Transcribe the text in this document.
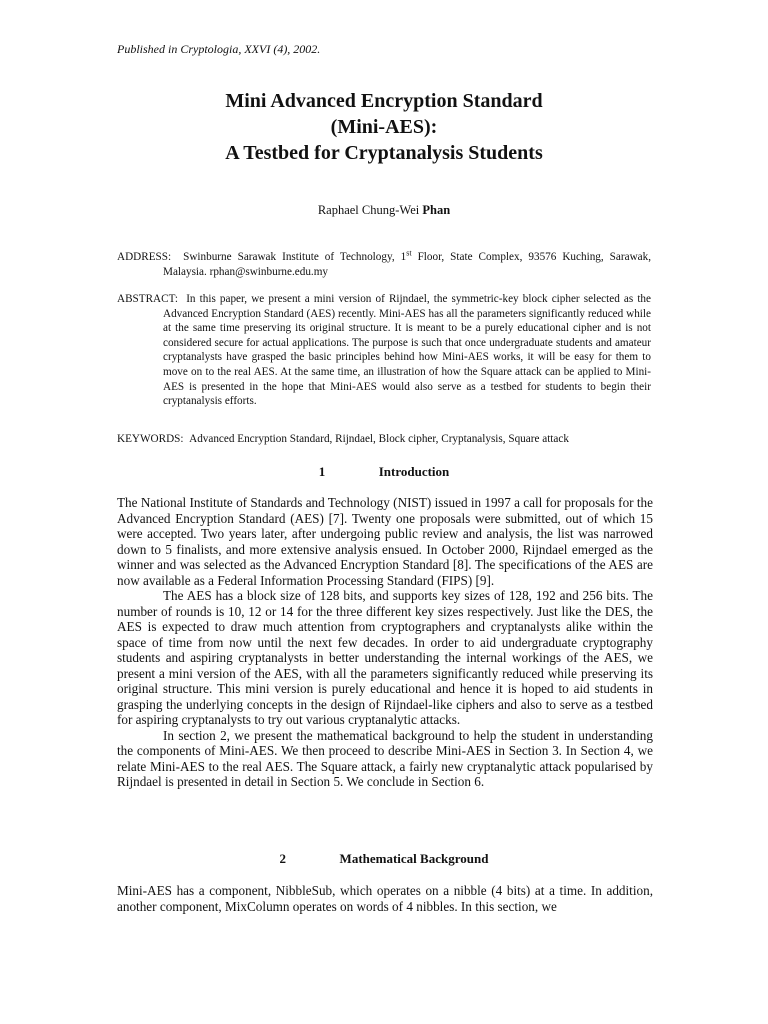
Published in Cryptologia, XXVI (4), 2002.
Mini Advanced Encryption Standard
(Mini-AES):
A Testbed for Cryptanalysis Students
Raphael Chung-Wei Phan
ADDRESS: Swinburne Sarawak Institute of Technology, 1st Floor, State Complex, 93576 Kuching, Sarawak, Malaysia. rphan@swinburne.edu.my
ABSTRACT: In this paper, we present a mini version of Rijndael, the symmetric-key block cipher selected as the Advanced Encryption Standard (AES) recently. Mini-AES has all the parameters significantly reduced while at the same time preserving its original structure. It is meant to be a purely educational cipher and is not considered secure for actual applications. The purpose is such that once undergraduate students and amateur cryptanalysts have grasped the basic principles behind how Mini-AES works, it will be easy for them to move on to the real AES. At the same time, an illustration of how the Square attack can be applied to Mini-AES is presented in the hope that Mini-AES would also serve as a testbed for students to begin their cryptanalysis efforts.
KEYWORDS: Advanced Encryption Standard, Rijndael, Block cipher, Cryptanalysis, Square attack
1	Introduction

The National Institute of Standards and Technology (NIST) issued in 1997 a call for proposals for the Advanced Encryption Standard (AES) [7]. Twenty one proposals were submitted, out of which 15 were accepted. Two years later, after undergoing public review and analysis, the list was narrowed down to 5 finalists, and more extensive analysis ensued. In October 2000, Rijndael emerged as the winner and was selected as the Advanced Encryption Standard [8]. The specifications of the AES are now available as a Federal Information Processing Standard (FIPS) [9].

The AES has a block size of 128 bits, and supports key sizes of 128, 192 and 256 bits. The number of rounds is 10, 12 or 14 for the three different key sizes respectively. Just like the DES, the AES is expected to draw much attention from cryptographers and cryptanalysts alike within the space of time from now until the next few decades. In order to aid undergraduate cryptography students and aspiring cryptanalysts in better understanding the internal workings of the AES, we present a mini version of the AES, with all the parameters significantly reduced while preserving its original structure. This mini version is purely educational and hence it is hoped to aid students in grasping the underlying concepts in the design of Rijndael-like ciphers and also to serve as a testbed for aspiring cryptanalysts to try out various cryptanalytic attacks.

In section 2, we present the mathematical background to help the student in understanding the components of Mini-AES. We then proceed to describe Mini-AES in Section 3. In Section 4, we relate Mini-AES to the real AES. The Square attack, a fairly new cryptanalytic attack popularised by Rijndael is presented in detail in Section 5. We conclude in Section 6.

2	Mathematical Background

Mini-AES has a component, NibbleSub, which operates on a nibble (4 bits) at a time. In addition, another component, MixColumn operates on words of 4 nibbles. In this section, we
